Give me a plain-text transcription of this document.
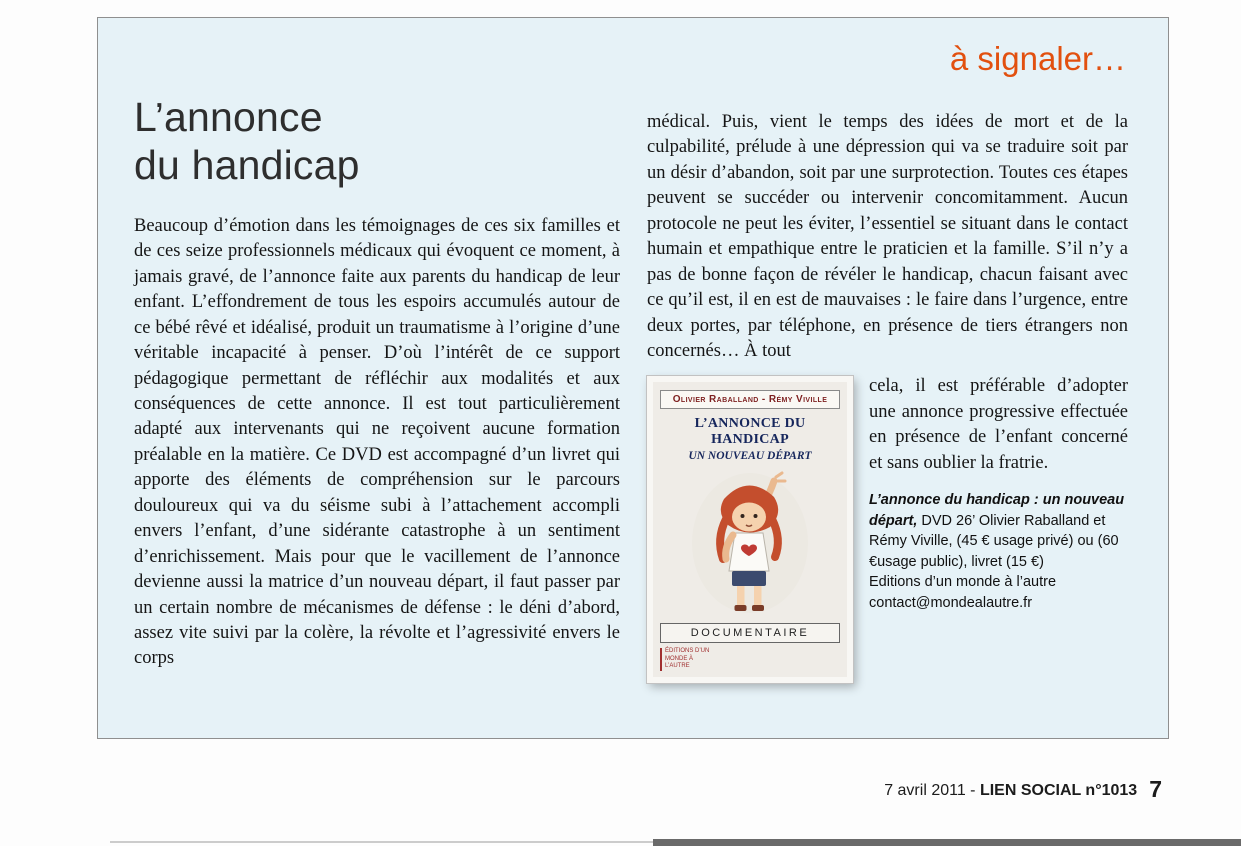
à signaler…
L’annonce
du handicap

Beaucoup d’émotion dans les témoignages de ces six familles et de ces seize professionnels médicaux qui évoquent ce moment, à jamais gravé, de l’annonce faite aux parents du handicap de leur enfant. L’effondrement de tous les espoirs accumulés autour de ce bébé rêvé et idéalisé, produit un traumatisme à l’origine d’une véritable incapacité à penser. D’où l’intérêt de ce support pédagogique permettant de réfléchir aux modalités et aux conséquences de cette annonce. Il est tout particulièrement adapté aux intervenants qui ne reçoivent aucune formation préalable en la matière. Ce DVD est accompagné d’un livret qui apporte des éléments de compréhension sur le parcours douloureux qui va du séisme subi à l’attachement accompli envers l’enfant, d’une sidérante catastrophe à un sentiment d’enrichissement. Mais pour que le vacillement de l’annonce devienne aussi la matrice d’un nouveau départ, il faut passer par un certain nombre de mécanismes de défense : le déni d’abord, assez vite suivi par la colère, la révolte et l’agressivité envers le corps

médical. Puis, vient le temps des idées de mort et de la culpabilité, prélude à une dépression qui va se traduire soit par un désir d’abandon, soit par une surprotection. Toutes ces étapes peuvent se succéder ou intervenir concomitamment. Aucun protocole ne peut les éviter, l’essentiel se situant dans le contact humain et empathique entre le praticien et la famille. S’il n’y a pas de bonne façon de révéler le handicap, chacun faisant avec ce qu’il est, il en est de mauvaises : le faire dans l’urgence, entre deux portes, par téléphone, en présence de tiers étrangers non concernés… À tout

Olivier Raballand - Rémy Viville
L’ANNONCE DU HANDICAP
UN NOUVEAU DÉPART
DOCUMENTAIRE
ÉDITIONS D’UN MONDE À L’AUTRE

cela, il est préférable d’adopter une annonce progressive effectuée en présence de l’enfant concerné et sans oublier la fratrie.

L’annonce du handicap : un nouveau départ, DVD 26’ Olivier Raballand et Rémy Viville, (45 € usage privé) ou (60 €usage public), livret (15 €)
Editions d’un monde à l’autre
contact@mondealautre.fr
7 avril 2011 - LIEN SOCIAL n°1013 7
